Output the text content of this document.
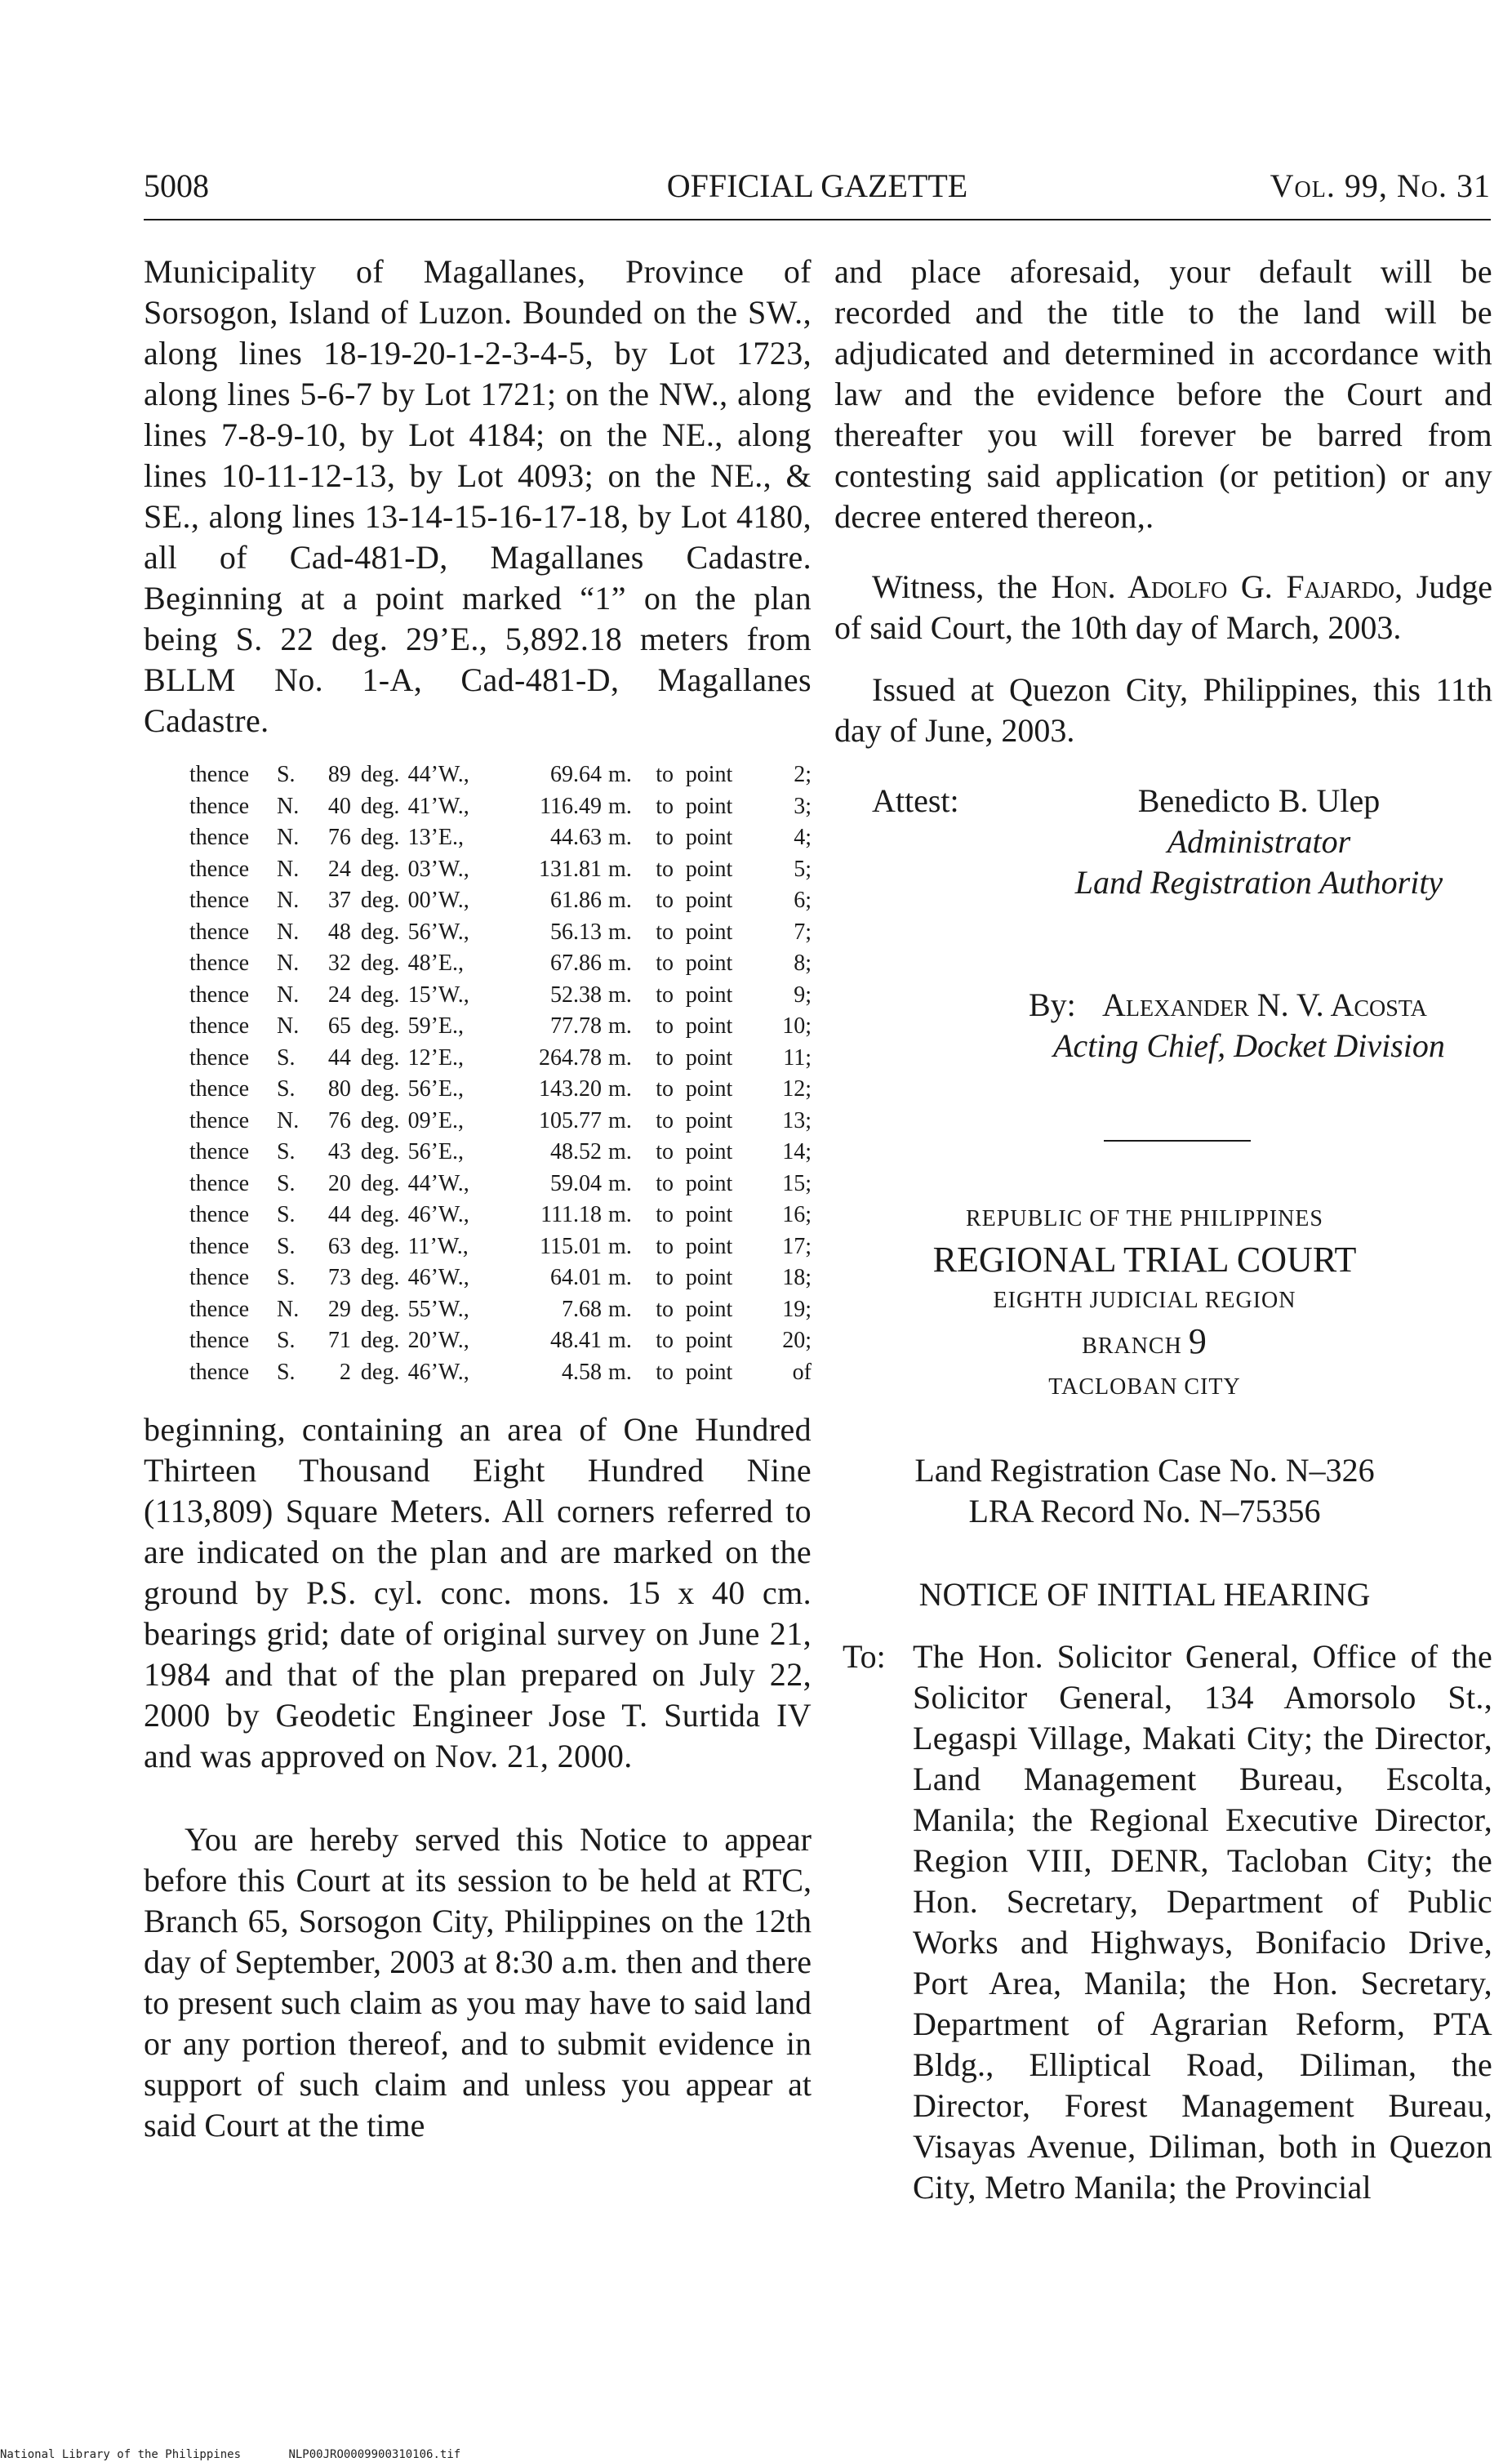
5008	OFFICIAL GAZETTE	Vol. 99, No. 31

Municipality of Magallanes, Province of Sorsogon, Island of Luzon. Bounded on the SW., along lines 18-19-20-1-2-3-4-5, by Lot 1723, along lines 5-6-7 by Lot 1721; on the NW., along lines 7-8-9-10, by Lot 4184; on the NE., along lines 10-11-12-13, by Lot 4093; on the NE., & SE., along lines 13-14-15-16-17-18, by Lot 4180, all of Cad-481-D, Magallanes Cadastre. Beginning at a point marked “1” on the plan being S. 22 deg. 29’E., 5,892.18 meters from BLLM No. 1-A, Cad-481-D, Magallanes Cadastre.

thence	S.	89	deg.	44’W.,	69.64	m.	to	point	2;
thence	N.	40	deg.	41’W.,	116.49	m.	to	point	3;
thence	N.	76	deg.	13’E.,	44.63	m.	to	point	4;
thence	N.	24	deg.	03’W.,	131.81	m.	to	point	5;
thence	N.	37	deg.	00’W.,	61.86	m.	to	point	6;
thence	N.	48	deg.	56’W.,	56.13	m.	to	point	7;
thence	N.	32	deg.	48’E.,	67.86	m.	to	point	8;
thence	N.	24	deg.	15’W.,	52.38	m.	to	point	9;
thence	N.	65	deg.	59’E.,	77.78	m.	to	point	10;
thence	S.	44	deg.	12’E.,	264.78	m.	to	point	11;
thence	S.	80	deg.	56’E.,	143.20	m.	to	point	12;
thence	N.	76	deg.	09’E.,	105.77	m.	to	point	13;
thence	S.	43	deg.	56’E.,	48.52	m.	to	point	14;
thence	S.	20	deg.	44’W.,	59.04	m.	to	point	15;
thence	S.	44	deg.	46’W.,	111.18	m.	to	point	16;
thence	S.	63	deg.	11’W.,	115.01	m.	to	point	17;
thence	S.	73	deg.	46’W.,	64.01	m.	to	point	18;
thence	N.	29	deg.	55’W.,	7.68	m.	to	point	19;
thence	S.	71	deg.	20’W.,	48.41	m.	to	point	20;
thence	S.	2	deg.	46’W.,	4.58	m.	to	point	of

beginning, containing an area of One Hundred Thirteen Thousand Eight Hundred Nine (113,809) Square Meters. All corners referred to are indicated on the plan and are marked on the ground by P.S. cyl. conc. mons. 15 x 40 cm. bearings grid; date of original survey on June 21, 1984 and that of the plan prepared on July 22, 2000 by Geodetic Engineer Jose T. Surtida IV and was approved on Nov. 21, 2000.

You are hereby served this Notice to appear before this Court at its session to be held at RTC, Branch 65, Sorsogon City, Philippines on the 12th day of September, 2003 at 8:30 a.m. then and there to present such claim as you may have to said land or any portion thereof, and to submit evidence in support of such claim and unless you appear at said Court at the time

and place aforesaid, your default will be recorded and the title to the land will be adjudicated and determined in accordance with law and the evidence before the Court and thereafter you will forever be barred from contesting said application (or petition) or any decree entered thereon,.

Witness, the Hon. Adolfo G. Fajardo, Judge of said Court, the 10th day of March, 2003.

Issued at Quezon City, Philippines, this 11th day of June, 2003.

Attest:	Benedicto B. Ulep
Administrator
Land Registration Authority
By: Alexander N. V. Acosta
Acting Chief, Docket Division
REPUBLIC OF THE PHILIPPINES
REGIONAL TRIAL COURT
EIGHTH JUDICIAL REGION
BRANCH 9
TACLOBAN CITY
Land Registration Case No. N–326
LRA Record No. N–75356
NOTICE OF INITIAL HEARING
To: The Hon. Solicitor General, Office of the Solicitor General, 134 Amorsolo St., Legaspi Village, Makati City; the Director, Land Management Bureau, Escolta, Manila; the Regional Executive Director, Region VIII, DENR, Tacloban City; the Hon. Secretary, Department of Public Works and Highways, Bonifacio Drive, Port Area, Manila; the Hon. Secretary, Department of Agrarian Reform, PTA Bldg., Elliptical Road, Diliman, the Director, Forest Management Bureau, Visayas Avenue, Diliman, both in Quezon City, Metro Manila; the Provincial
National Library of the Philippines	NLP00JRO0009900310106.tif
